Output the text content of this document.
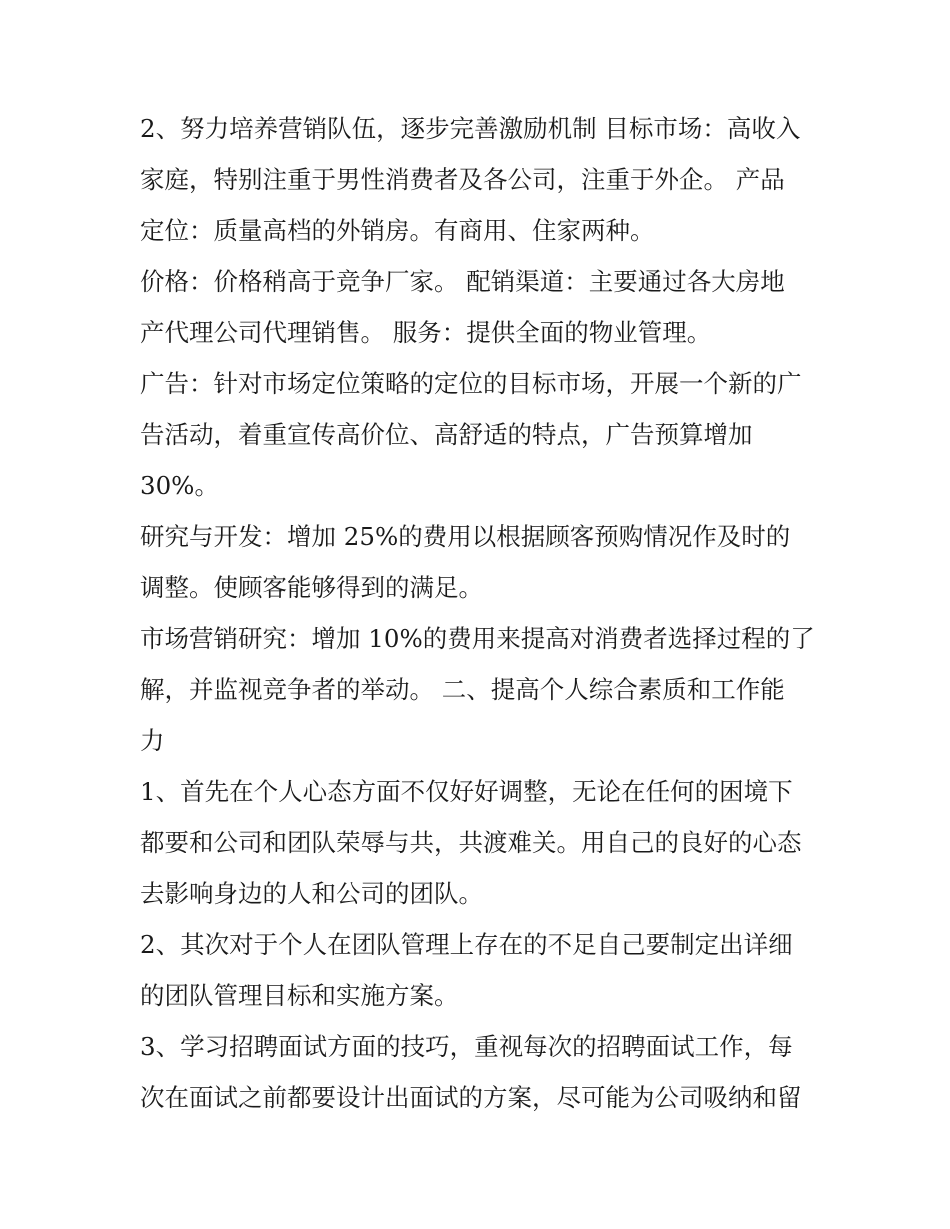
2、努力培养营销队伍，逐步完善激励机制 目标市场：高收入
家庭，特别注重于男性消费者及各公司，注重于外企。 产品
定位：质量高档的外销房。有商用、住家两种。
价格：价格稍高于竞争厂家。 配销渠道：主要通过各大房地
产代理公司代理销售。 服务：提供全面的物业管理。
广告：针对市场定位策略的定位的目标市场，开展一个新的广
告活动，着重宣传高价位、高舒适的特点，广告预算增加
30%。
研究与开发：增加 25%的费用以根据顾客预购情况作及时的
调整。使顾客能够得到的满足。
市场营销研究：增加 10%的费用来提高对消费者选择过程的了
解，并监视竞争者的举动。 二、提高个人综合素质和工作能
力
1、首先在个人心态方面不仅好好调整，无论在任何的困境下
都要和公司和团队荣辱与共，共渡难关。用自己的良好的心态
去影响身边的人和公司的团队。
2、其次对于个人在团队管理上存在的不足自己要制定出详细
的团队管理目标和实施方案。
3、学习招聘面试方面的技巧，重视每次的招聘面试工作，每
次在面试之前都要设计出面试的方案，尽可能为公司吸纳和留
